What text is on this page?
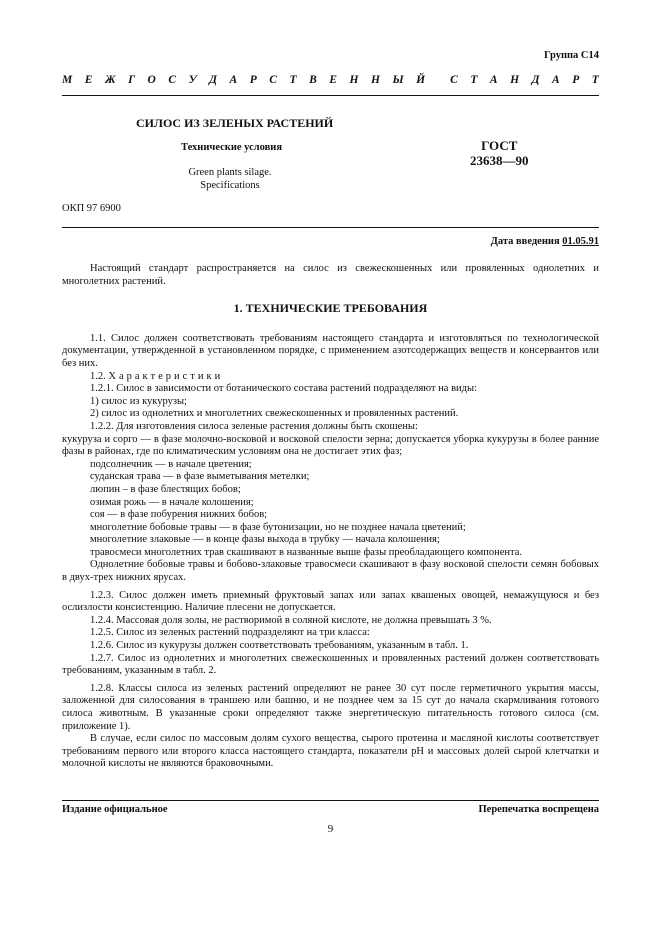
Группа С14
М Е Ж Г О С У Д А Р С Т В Е Н Н Ы Й С Т А Н Д А Р Т
СИЛОС ИЗ ЗЕЛЕНЫХ РАСТЕНИЙ
Технические условия
Green plants silage.
Specifications
ГОСТ
23638—90
ОКП 97 6900
Дата введения 01.05.91

Настоящий стандарт распространяется на силос из свежескошенных или провяленных однолетних и многолетних растений.

1. ТЕХНИЧЕСКИЕ ТРЕБОВАНИЯ

1.1. Силос должен соответствовать требованиям настоящего стандарта и изготовляться по технологической документации, утвержденной в установленном порядке, с применением азотсодержащих веществ и консервантов или без них.

1.2. Характеристики

1.2.1. Силос в зависимости от ботанического состава растений подразделяют на виды:

1) силос из кукурузы;

2) силос из однолетних и многолетних свежескошенных и провяленных растений.

1.2.2. Для изготовления силоса зеленые растения должны быть скошены:

кукуруза и сорго — в фазе молочно-восковой и восковой спелости зерна; допускается уборка кукурузы в более ранние фазы в районах, где по климатическим условиям она не достигает этих фаз;

подсолнечник — в начале цветения;

суданская трава — в фазе выметывания метелки;

люпин – в фазе блестящих бобов;

озимая рожь — в начале колошения;

соя — в фазе побурения нижних бобов;

многолетние бобовые травы — в фазе бутонизации, но не позднее начала цветений;

многолетние злаковые — в конце фазы выхода в трубку — начала колошения;

травосмеси многолетних трав скашивают в названные выше фазы преобладающего компонента.

Однолетние бобовые травы и бобово-злаковые травосмеси скашивают в фазу восковой спелости семян бобовых в двух-трех нижних ярусах.

1.2.3. Силос должен иметь приемный фруктовый запах или запах квашеных овощей, немажущуюся и без ослизлости консистенцию. Наличие плесени не допускается.

1.2.4. Массовая доля золы, не растворимой в соляной кислоте, не должна превышать 3 %.

1.2.5. Силос из зеленых растений подразделяют на три класса:

1.2.6. Силос из кукурузы должен соответствовать требованиям, указанным в табл. 1.

1.2.7. Силос из однолетних и многолетних свежескошенных и провяленных растений должен соответствовать требованиям, указанным в табл. 2.

1.2.8. Классы силоса из зеленых растений определяют не ранее 30 сут после герметичного укрытия массы, заложенной для силосования в траншею или башню, и не позднее чем за 15 сут до начала скармливания готового силоса животным. В указанные сроки определяют также энергетическую питательность готового силоса (см. приложение 1).

В случае, если силос по массовым долям сухого вещества, сырого протеина и масляной кислоты соответствует требованиям первого или второго класса настоящего стандарта, показатели pH и массовых долей сырой клетчатки и молочной кислоты не являются браковочными.

Издание официальное	Перепечатка воспрещена
9
